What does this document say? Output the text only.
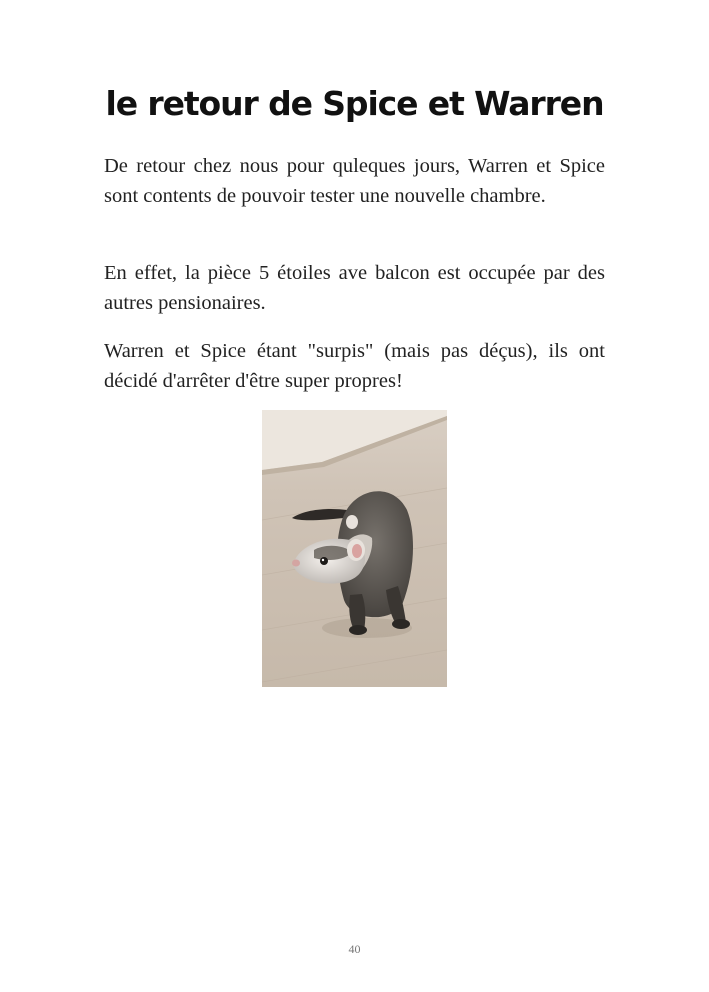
le retour de Spice et Warren

De retour chez nous pour quleques jours, Warren et Spice sont contents de pouvoir tester une nouvelle chambre.

En effet, la pièce 5 étoiles ave balcon est occupée par des autres pensionaires.

Warren et Spice étant "surpis" (mais pas déçus), ils ont décidé d'arrêter d'être super propres!

40
